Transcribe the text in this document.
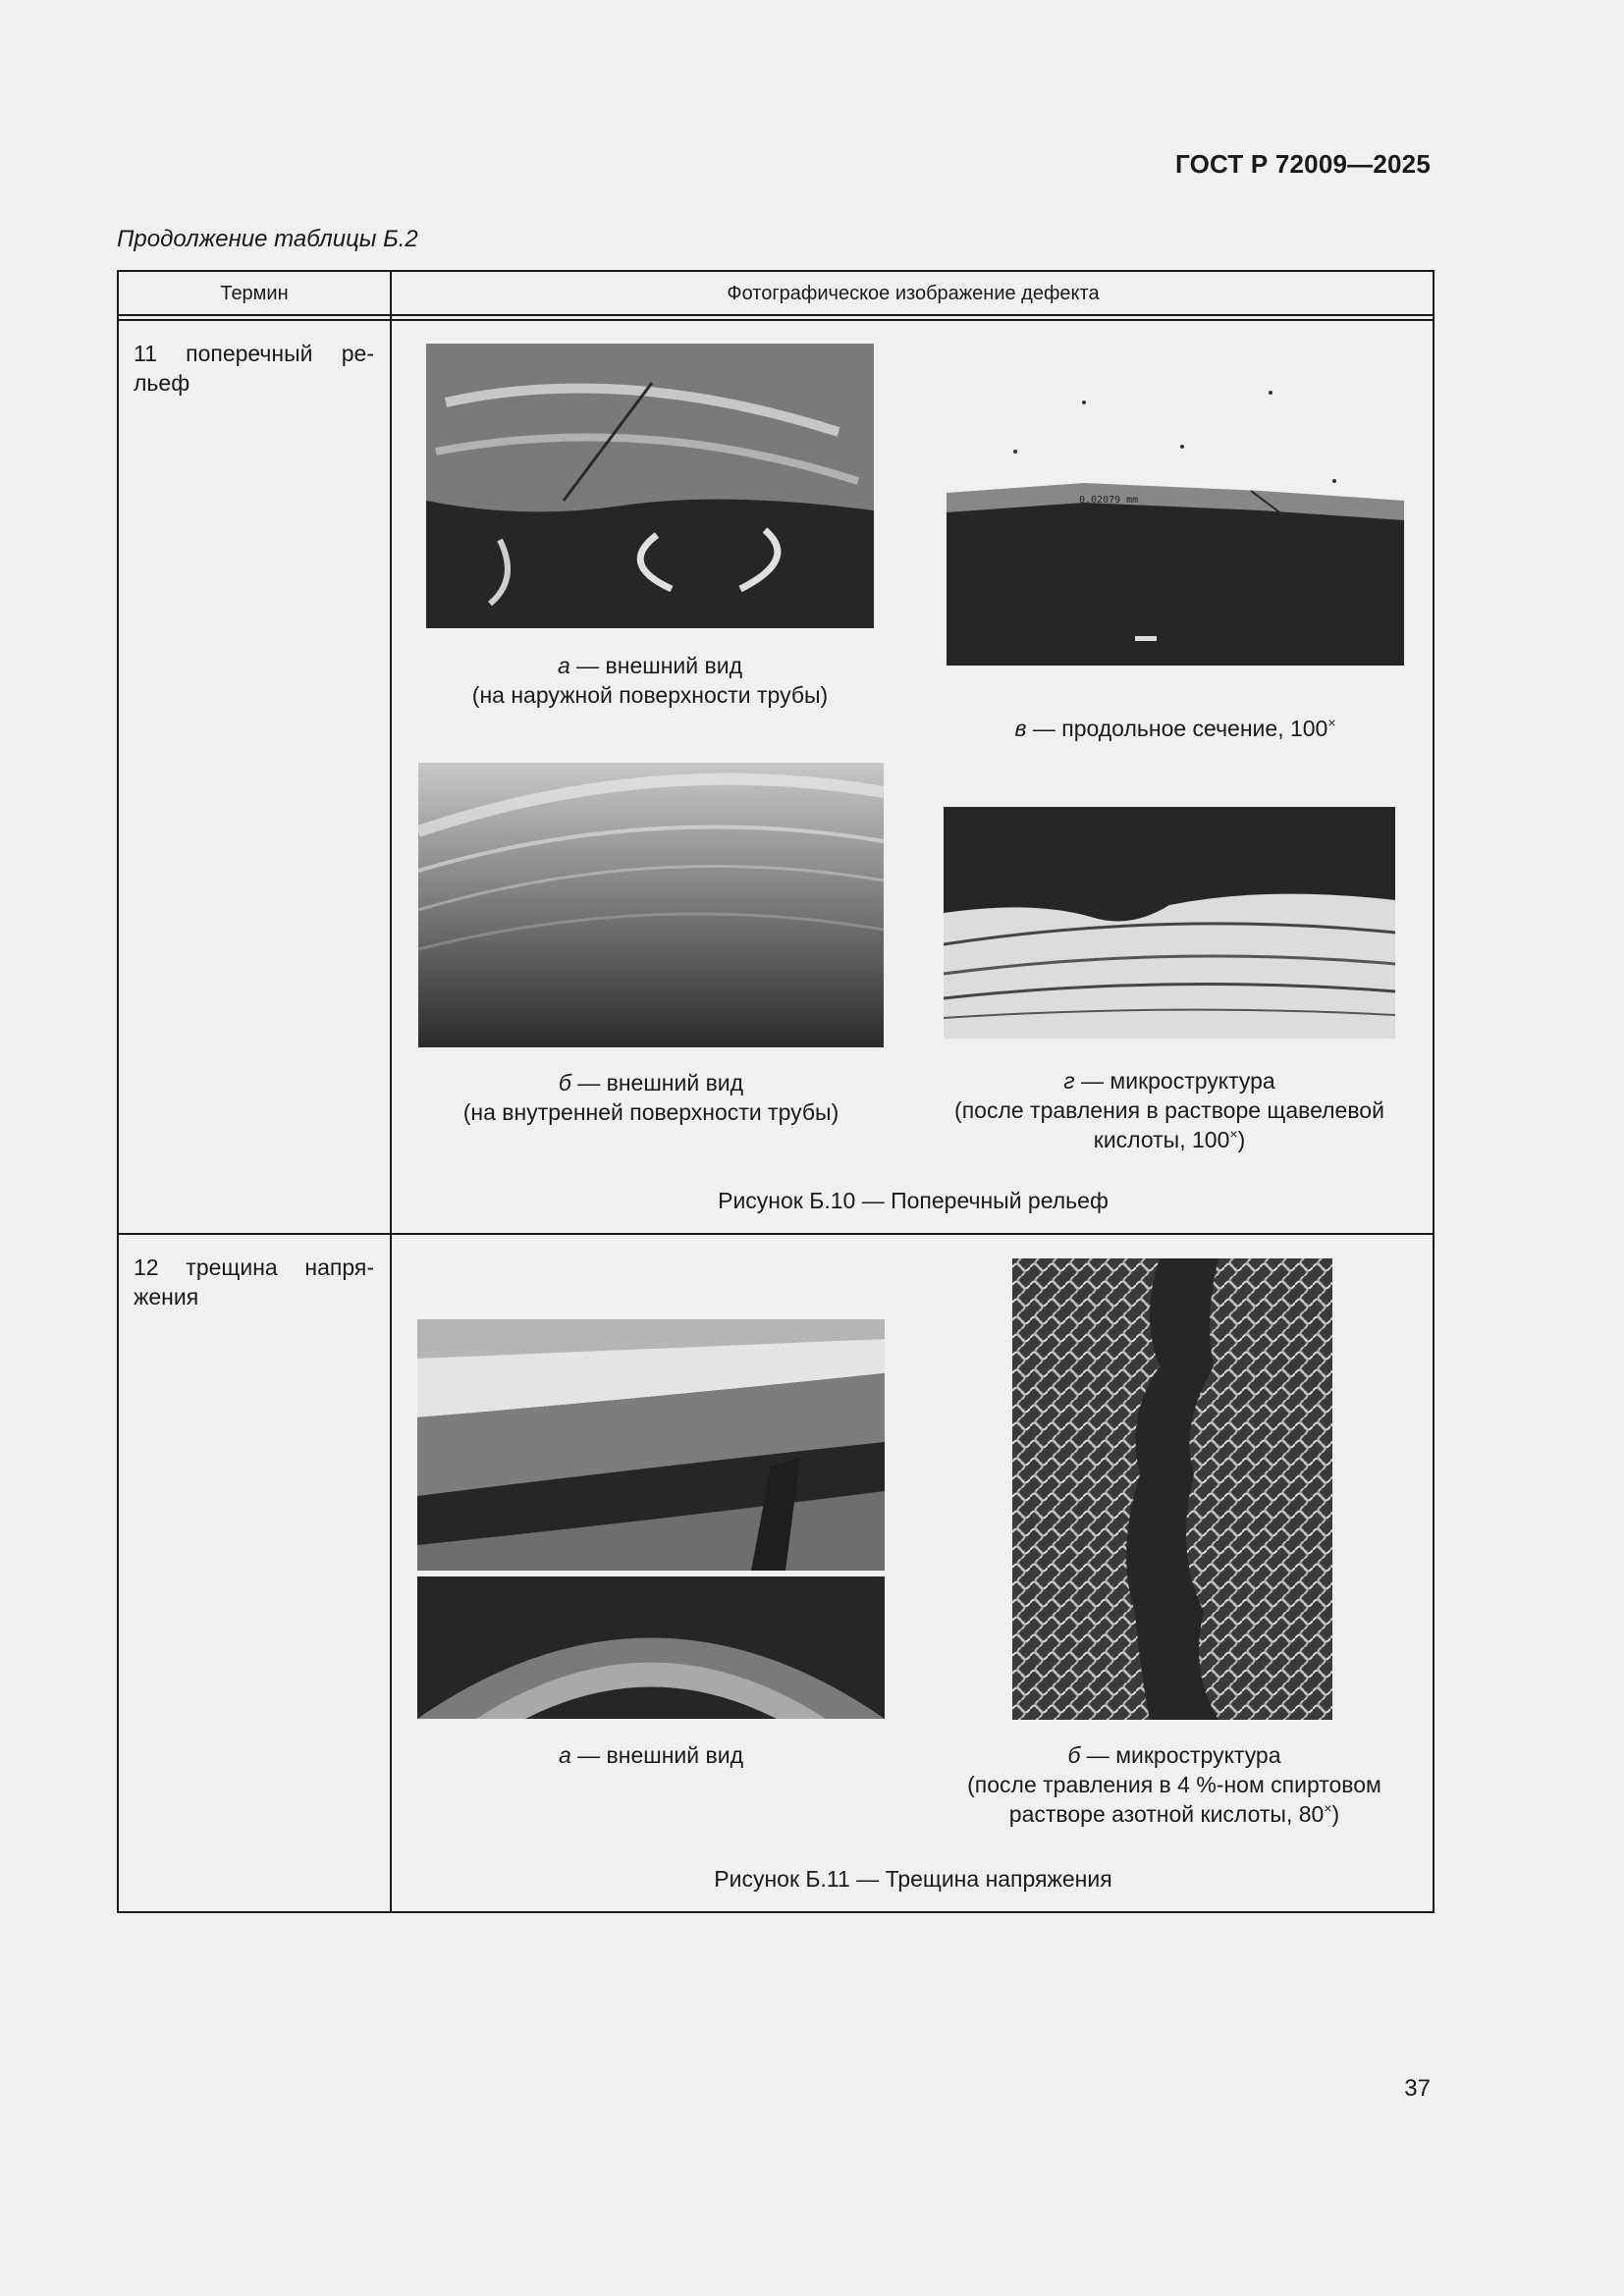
ГОСТ Р 72009—2025
Продолжение таблицы Б.2
Термин	Фотографическое изображение дефекта
11 поперечный ре-льеф
а — внешний вид
(на наружной поверхности трубы)
0,02079 mm
в — продольное сечение, 100×
б — внешний вид
(на внутренней поверхности трубы)
г — микроструктура
(после травления в растворе щавелевой
кислоты, 100×)
Рисунок Б.10 — Поперечный рельеф
12 трещина напря-жения
а — внешний вид	б — микроструктура
(после травления в 4 %-ном спиртовом
растворе азотной кислоты, 80×)
Рисунок Б.11 — Трещина напряжения
37
